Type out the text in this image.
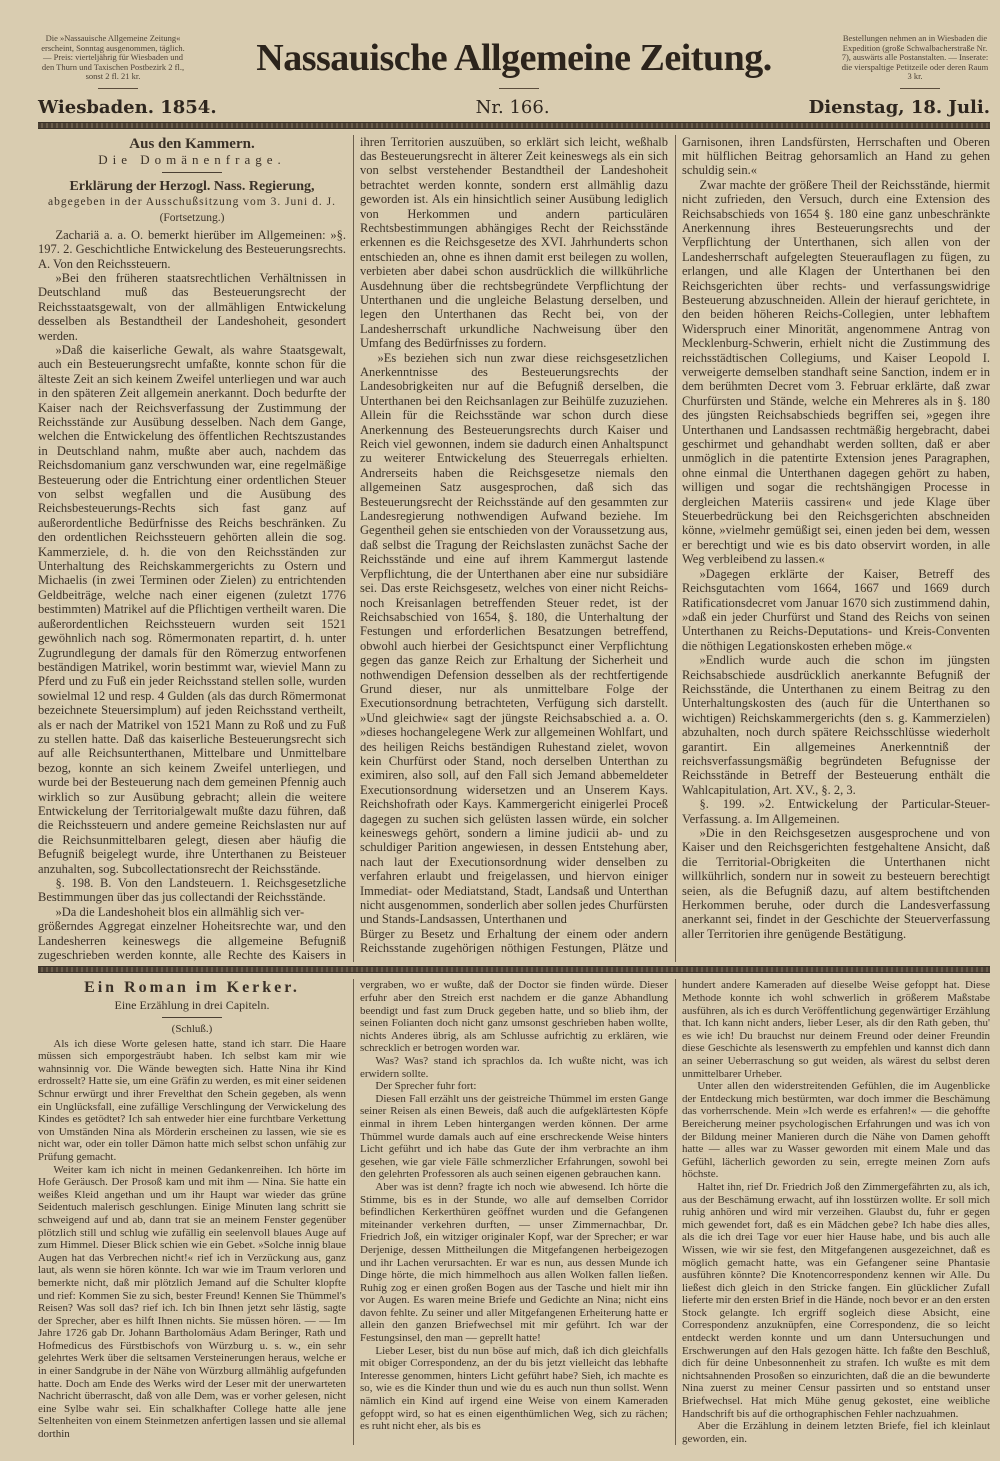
Die »Nassauische Allgemeine Zeitung« erscheint, Sonntag ausgenommen, täglich. — Preis: vierteljährig für Wiesbaden und den Thurn und Taxischen Postbezirk 2 fl., sonst 2 fl. 21 kr.	Nassauische Allgemeine Zeitung.	Bestellungen nehmen an in Wiesbaden die Expedition (große Schwalbacherstraße Nr. 7), auswärts alle Postanstalten. — Inserate: die vierspaltige Petitzeile oder deren Raum 3 kr.
Wiesbaden. 1854.	Nr. 166.	Dienstag, 18. Juli.

Aus den Kammern.

Die Domänenfrage.

Erklärung der Herzogl. Nass. Regierung,

abgegeben in der Ausschußsitzung vom 3. Juni d. J.

(Fortsetzung.)

Zachariä a. a. O. bemerkt hierüber im Allgemeinen: »§. 197. 2. Geschichtliche Entwickelung des Besteuerungsrechts. A. Von den Reichssteuern.

»Bei den früheren staatsrechtlichen Verhältnissen in Deutschland muß das Besteuerungsrecht der Reichsstaatsgewalt, von der allmähligen Entwickelung desselben als Bestandtheil der Landeshoheit, gesondert werden.

»Daß die kaiserliche Gewalt, als wahre Staatsgewalt, auch ein Besteuerungsrecht umfaßte, konnte schon für die älteste Zeit an sich keinem Zweifel unterliegen und war auch in den späteren Zeit allgemein anerkannt. Doch bedurfte der Kaiser nach der Reichsverfassung der Zustimmung der Reichsstände zur Ausübung desselben. Nach dem Gange, welchen die Entwickelung des öffentlichen Rechtszustandes in Deutschland nahm, mußte aber auch, nachdem das Reichsdomanium ganz verschwunden war, eine regelmäßige Besteuerung oder die Entrichtung einer ordentlichen Steuer von selbst wegfallen und die Ausübung des Reichsbesteuerungs-Rechts sich fast ganz auf außerordentliche Bedürfnisse des Reichs beschränken. Zu den ordentlichen Reichssteuern gehörten allein die sog. Kammerziele, d. h. die von den Reichsständen zur Unterhaltung des Reichskammergerichts zu Ostern und Michaelis (in zwei Terminen oder Zielen) zu entrichtenden Geldbeiträge, welche nach einer eigenen (zuletzt 1776 bestimmten) Matrikel auf die Pflichtigen vertheilt waren. Die außerordentlichen Reichssteuern wurden seit 1521 gewöhnlich nach sog. Römermonaten repartirt, d. h. unter Zugrundlegung der damals für den Römerzug entworfenen beständigen Matrikel, worin bestimmt war, wieviel Mann zu Pferd und zu Fuß ein jeder Reichsstand stellen solle, wurden sowielmal 12 und resp. 4 Gulden (als das durch Römermonat bezeichnete Steuersimplum) auf jeden Reichsstand vertheilt, als er nach der Matrikel von 1521 Mann zu Roß und zu Fuß zu stellen hatte. Daß das kaiserliche Besteuerungsrecht sich auf alle Reichsunterthanen, Mittelbare und Unmittelbare bezog, konnte an sich keinem Zweifel unterliegen, und wurde bei der Besteuerung nach dem gemeinen Pfennig auch wirklich so zur Ausübung gebracht; allein die weitere Entwickelung der Territorialgewalt mußte dazu führen, daß die Reichssteuern und andere gemeine Reichslasten nur auf die Reichsunmittelbaren gelegt, diesen aber häufig die Befugniß beigelegt wurde, ihre Unterthanen zu Beisteuer anzuhalten, sog. Subcollectationsrecht der Reichsstände.

§. 198. B. Von den Landsteuern. 1. Reichsgesetzliche Bestimmungen über das jus collectandi der Reichsstände.

»Da die Landeshoheit blos ein allmählig sich ver-

größerndes Aggregat einzelner Hoheitsrechte war, und den Landesherren keineswegs die allgemeine Befugniß zugeschrieben werden konnte, alle Rechte des Kaisers in ihren Territorien auszuüben, so erklärt sich leicht, weßhalb das Besteuerungsrecht in älterer Zeit keineswegs als ein sich von selbst verstehender Bestandtheil der Landeshoheit betrachtet werden konnte, sondern erst allmählig dazu geworden ist. Als ein hinsichtlich seiner Ausübung lediglich von Herkommen und andern particulären Rechtsbestimmungen abhängiges Recht der Reichsstände erkennen es die Reichsgesetze des XVI. Jahrhunderts schon entschieden an, ohne es ihnen damit erst beilegen zu wollen, verbieten aber dabei schon ausdrücklich die willkührliche Ausdehnung über die rechtsbegründete Verpflichtung der Unterthanen und die ungleiche Belastung derselben, und legen den Unterthanen das Recht bei, von der Landesherrschaft urkundliche Nachweisung über den Umfang des Bedürfnisses zu fordern.

»Es beziehen sich nun zwar diese reichsgesetzlichen Anerkenntnisse des Besteuerungsrechts der Landesobrigkeiten nur auf die Befugniß derselben, die Unterthanen bei den Reichsanlagen zur Beihülfe zuzuziehen. Allein für die Reichsstände war schon durch diese Anerkennung des Besteuerungsrechts durch Kaiser und Reich viel gewonnen, indem sie dadurch einen Anhaltspunct zu weiterer Entwickelung des Steuerregals erhielten. Andrerseits haben die Reichsgesetze niemals den allgemeinen Satz ausgesprochen, daß sich das Besteuerungsrecht der Reichsstände auf den gesammten zur Landesregierung nothwendigen Aufwand beziehe. Im Gegentheil gehen sie entschieden von der Voraussetzung aus, daß selbst die Tragung der Reichslasten zunächst Sache der Reichsstände und eine auf ihrem Kammergut lastende Verpflichtung, die der Unterthanen aber eine nur subsidiäre sei. Das erste Reichsgesetz, welches von einer nicht Reichs- noch Kreisanlagen betreffenden Steuer redet, ist der Reichsabschied von 1654, §. 180, die Unterhaltung der Festungen und erforderlichen Besatzungen betreffend, obwohl auch hierbei der Gesichtspunct einer Verpflichtung gegen das ganze Reich zur Erhaltung der Sicherheit und nothwendigen Defension desselben als der rechtfertigende Grund dieser, nur als unmittelbare Folge der Executionsordnung betrachteten, Verfügung sich darstellt. »Und gleichwie« sagt der jüngste Reichsabschied a. a. O. »dieses hochangelegene Werk zur allgemeinen Wohlfart, und des heiligen Reichs beständigen Ruhestand zielet, wovon kein Churfürst oder Stand, noch derselben Unterthan zu eximiren, also soll, auf den Fall sich Jemand abbemeldeter Executionsordnung widersetzen und an Unserem Kays. Reichshofrath oder Kays. Kammergericht einigerlei Proceß dagegen zu suchen sich gelüsten lassen würde, ein solcher keineswegs gehört, sondern a limine judicii ab- und zu schuldiger Parition angewiesen, in dessen Entstehung aber, nach laut der Executionsordnung wider denselben zu verfahren erlaubt und freigelassen, und hiervon einiger Immediat- oder Mediatstand, Stadt, Landsaß und Unterthan nicht ausgenommen, sonderlich aber sollen jedes Churfürsten und Stands-Landsassen, Unterthanen und

Bürger zu Besetz und Erhaltung der einem oder andern Reichsstande zugehörigen nöthigen Festungen, Plätze und Garnisonen, ihren Landsfürsten, Herrschaften und Oberen mit hülflichen Beitrag gehorsamlich an Hand zu gehen schuldig sein.«

Zwar machte der größere Theil der Reichsstände, hiermit nicht zufrieden, den Versuch, durch eine Extension des Reichsabschieds von 1654 §. 180 eine ganz unbeschränkte Anerkennung ihres Besteuerungsrechts und der Verpflichtung der Unterthanen, sich allen von der Landesherrschaft aufgelegten Steuerauflagen zu fügen, zu erlangen, und alle Klagen der Unterthanen bei den Reichsgerichten über rechts- und verfassungswidrige Besteuerung abzuschneiden. Allein der hierauf gerichtete, in den beiden höheren Reichs-Collegien, unter lebhaftem Widerspruch einer Minorität, angenommene Antrag von Mecklenburg-Schwerin, erhielt nicht die Zustimmung des reichsstädtischen Collegiums, und Kaiser Leopold I. verweigerte demselben standhaft seine Sanction, indem er in dem berühmten Decret vom 3. Februar erklärte, daß zwar Churfürsten und Stände, welche ein Mehreres als in §. 180 des jüngsten Reichsabschieds begriffen sei, »gegen ihre Unterthanen und Landsassen rechtmäßig hergebracht, dabei geschirmet und gehandhabt werden sollten, daß er aber unmöglich in die patentirte Extension jenes Paragraphen, ohne einmal die Unterthanen dagegen gehört zu haben, willigen und sogar die rechtshängigen Processe in dergleichen Materiis cassiren« und jede Klage über Steuerbedrückung bei den Reichsgerichten abschneiden könne, »vielmehr gemüßigt sei, einen jeden bei dem, wessen er berechtigt und wie es bis dato observirt worden, in alle Weg verbleibend zu lassen.«

»Dagegen erklärte der Kaiser, Betreff des Reichsgutachten vom 1664, 1667 und 1669 durch Ratificationsdecret vom Januar 1670 sich zustimmend dahin, »daß ein jeder Churfürst und Stand des Reichs von seinen Unterthanen zu Reichs-Deputations- und Kreis-Conventen die nöthigen Legationskosten erheben möge.«

»Endlich wurde auch die schon im jüngsten Reichsabschiede ausdrücklich anerkannte Befugniß der Reichsstände, die Unterthanen zu einem Beitrag zu den Unterhaltungskosten des (auch für die Unterthanen so wichtigen) Reichskammergerichts (den s. g. Kammerzielen) abzuhalten, noch durch spätere Reichsschlüsse wiederholt garantirt. Ein allgemeines Anerkenntniß der reichsverfassungsmäßig begründeten Befugnisse der Reichsstände in Betreff der Besteuerung enthält die Wahlcapitulation, Art. XV., §. 2, 3.

§. 199. »2. Entwickelung der Particular-Steuer-Verfassung. a. Im Allgemeinen.

»Die in den Reichsgesetzen ausgesprochene und von Kaiser und den Reichsgerichten festgehaltene Ansicht, daß die Territorial-Obrigkeiten die Unterthanen nicht willkührlich, sondern nur in soweit zu besteuern berechtigt seien, als die Befugniß dazu, auf altem bestiftchenden Herkommen beruhe, oder durch die Landesverfassung anerkannt sei, findet in der Geschichte der Steuerverfassung aller Territorien ihre genügende Bestätigung.

Ein Roman im Kerker.

Eine Erzählung in drei Capiteln.

(Schluß.)

Als ich diese Worte gelesen hatte, stand ich starr. Die Haare müssen sich emporgesträubt haben. Ich selbst kam mir wie wahnsinnig vor. Die Wände bewegten sich. Hatte Nina ihr Kind erdrosselt? Hatte sie, um eine Gräfin zu werden, es mit einer seidenen Schnur erwürgt und ihrer Frevelthat den Schein gegeben, als wenn ein Unglücksfall, eine zufällige Verschlingung der Verwickelung des Kindes es getödtet? Ich sah entweder hier eine furchtbare Verkettung von Umständen Nina als Mörderin erscheinen zu lassen, wie sie es nicht war, oder ein toller Dämon hatte mich selbst schon unfähig zur Prüfung gemacht.

Weiter kam ich nicht in meinen Gedankenreihen. Ich hörte im Hofe Geräusch. Der Prosoß kam und mit ihm — Nina. Sie hatte ein weißes Kleid angethan und um ihr Haupt war wieder das grüne Seidentuch malerisch geschlungen. Einige Minuten lang schritt sie schweigend auf und ab, dann trat sie an meinem Fenster gegenüber plötzlich still und schlug wie zufällig ein seelenvoll blaues Auge auf zum Himmel. Dieser Blick schien wie ein Gebet. »Solche innig blaue Augen hat das Verbrechen nicht!« rief ich in Verzückung aus, ganz laut, als wenn sie hören könnte. Ich war wie im Traum verloren und bemerkte nicht, daß mir plötzlich Jemand auf die Schulter klopfte und rief: Kommen Sie zu sich, bester Freund! Kennen Sie Thümmel's Reisen? Was soll das? rief ich. Ich bin Ihnen jetzt sehr lästig, sagte der Sprecher, aber es hilft Ihnen nichts. Sie müssen hören. — — Im Jahre 1726 gab Dr. Johann Bartholomäus Adam Beringer, Rath und Hofmedicus des Fürstbischofs von Würzburg u. s. w., ein sehr gelehrtes Werk über die seltsamen Versteinerungen heraus, welche er in einer Sandgrube in der Nähe von Würzburg allmählig aufgefunden hatte. Doch am Ende des Werks wird der Leser mit der unerwarteten Nachricht überrascht, daß von alle Dem, was er vorher gelesen, nicht eine Sylbe wahr sei. Ein schalkhafter College hatte alle jene Seltenheiten von einem Steinmetzen anfertigen lassen und sie allemal dorthin

vergraben, wo er wußte, daß der Doctor sie finden würde. Dieser erfuhr aber den Streich erst nachdem er die ganze Abhandlung beendigt und fast zum Druck gegeben hatte, und so blieb ihm, der seinen Folianten doch nicht ganz umsonst geschrieben haben wollte, nichts Anderes übrig, als am Schlusse aufrichtig zu erklären, wie schrecklich er betrogen worden war.

Was? Was? stand ich sprachlos da. Ich wußte nicht, was ich erwidern sollte.

Der Sprecher fuhr fort:

Diesen Fall erzählt uns der geistreiche Thümmel im ersten Gange seiner Reisen als einen Beweis, daß auch die aufgeklärtesten Köpfe einmal in ihrem Leben hintergangen werden können. Der arme Thümmel wurde damals auch auf eine erschreckende Weise hinters Licht geführt und ich habe das Gute der ihm verbrachte an ihm gesehen, wie gar viele Fälle schmerzlicher Erfahrungen, sowohl bei den gelehrten Professoren als auch seinen eigenen gebrauchen kann.

Aber was ist denn? fragte ich noch wie abwesend. Ich hörte die Stimme, bis es in der Stunde, wo alle auf demselben Corridor befindlichen Kerkerthüren geöffnet wurden und die Gefangenen miteinander verkehren durften, — unser Zimmernachbar, Dr. Friedrich Joß, ein witziger originaler Kopf, war der Sprecher; er war Derjenige, dessen Mittheilungen die Mitgefangenen herbeigezogen und ihr Lachen verursachten. Er war es nun, aus dessen Munde ich Dinge hörte, die mich himmelhoch aus allen Wolken fallen ließen. Ruhig zog er einen großen Bogen aus der Tasche und hielt mir ihn vor Augen. Es waren meine Briefe und Gedichte an Nina; nicht eins davon fehlte. Zu seiner und aller Mitgefangenen Erheiterung hatte er allein den ganzen Briefwechsel mit mir geführt. Ich war der Festungsinsel, den man — geprellt hatte!

Lieber Leser, bist du nun böse auf mich, daß ich dich gleichfalls mit obiger Correspondenz, an der du bis jetzt vielleicht das lebhafte Interesse genommen, hinters Licht geführt habe? Sieh, ich machte es so, wie es die Kinder thun und wie du es auch nun thun sollst. Wenn nämlich ein Kind auf irgend eine Weise von einem Kameraden gefoppt wird, so hat es einen eigenthümlichen Weg, sich zu rächen; es ruht nicht eher, als bis es

hundert andere Kameraden auf dieselbe Weise gefoppt hat. Diese Methode konnte ich wohl schwerlich in größerem Maßstabe ausführen, als ich es durch Veröffentlichung gegenwärtiger Erzählung that. Ich kann nicht anders, lieber Leser, als dir den Rath geben, thu' es wie ich! Du brauchst nur deinem Freund oder deiner Freundin diese Geschichte als lesenswerth zu empfehlen und kannst dich dann an seiner Ueberraschung so gut weiden, als wärest du selbst deren unmittelbarer Urheber.

Unter allen den widerstreitenden Gefühlen, die im Augenblicke der Entdeckung mich bestürmten, war doch immer die Beschämung das vorherrschende. Mein »Ich werde es erfahren!« — die gehoffte Bereicherung meiner psychologischen Erfahrungen und was ich von der Bildung meiner Manieren durch die Nähe von Damen gehofft hatte — alles war zu Wasser geworden mit einem Male und das Gefühl, lächerlich geworden zu sein, erregte meinen Zorn aufs höchste.

Haltet ihn, rief Dr. Friedrich Joß den Zimmergefährten zu, als ich, aus der Beschämung erwacht, auf ihn losstürzen wollte. Er soll mich ruhig anhören und wird mir verzeihen. Glaubst du, fuhr er gegen mich gewendet fort, daß es ein Mädchen gebe? Ich habe dies alles, als die ich drei Tage vor euer hier Hause habe, und bis auch alle Wissen, wie wir sie fest, den Mitgefangenen ausgezeichnet, daß es möglich gemacht hatte, was ein Gefangener seine Phantasie ausführen könnte? Die Knotencorrespondenz kennen wir Alle. Du ließest dich gleich in den Stricke fangen. Ein glücklicher Zufall lieferte mir den ersten Brief in die Hände, noch bevor er an den ersten Stock gelangte. Ich ergriff sogleich diese Absicht, eine Correspondenz anzuknüpfen, eine Correspondenz, die so leicht entdeckt werden konnte und um dann Untersuchungen und Erschwerungen auf den Hals gezogen hätte. Ich faßte den Beschluß, dich für deine Unbesonnenheit zu strafen. Ich wußte es mit dem nichtsahnenden Prosoßen so einzurichten, daß die an die bewunderte Nina zuerst zu meiner Censur passirten und so entstand unser Briefwechsel. Hat mich Mühe genug gekostet, eine weibliche Handschrift bis auf die orthographischen Fehler nachzuahmen.

Aber die Erzählung in deinem letzten Briefe, fiel ich kleinlaut geworden, ein.
